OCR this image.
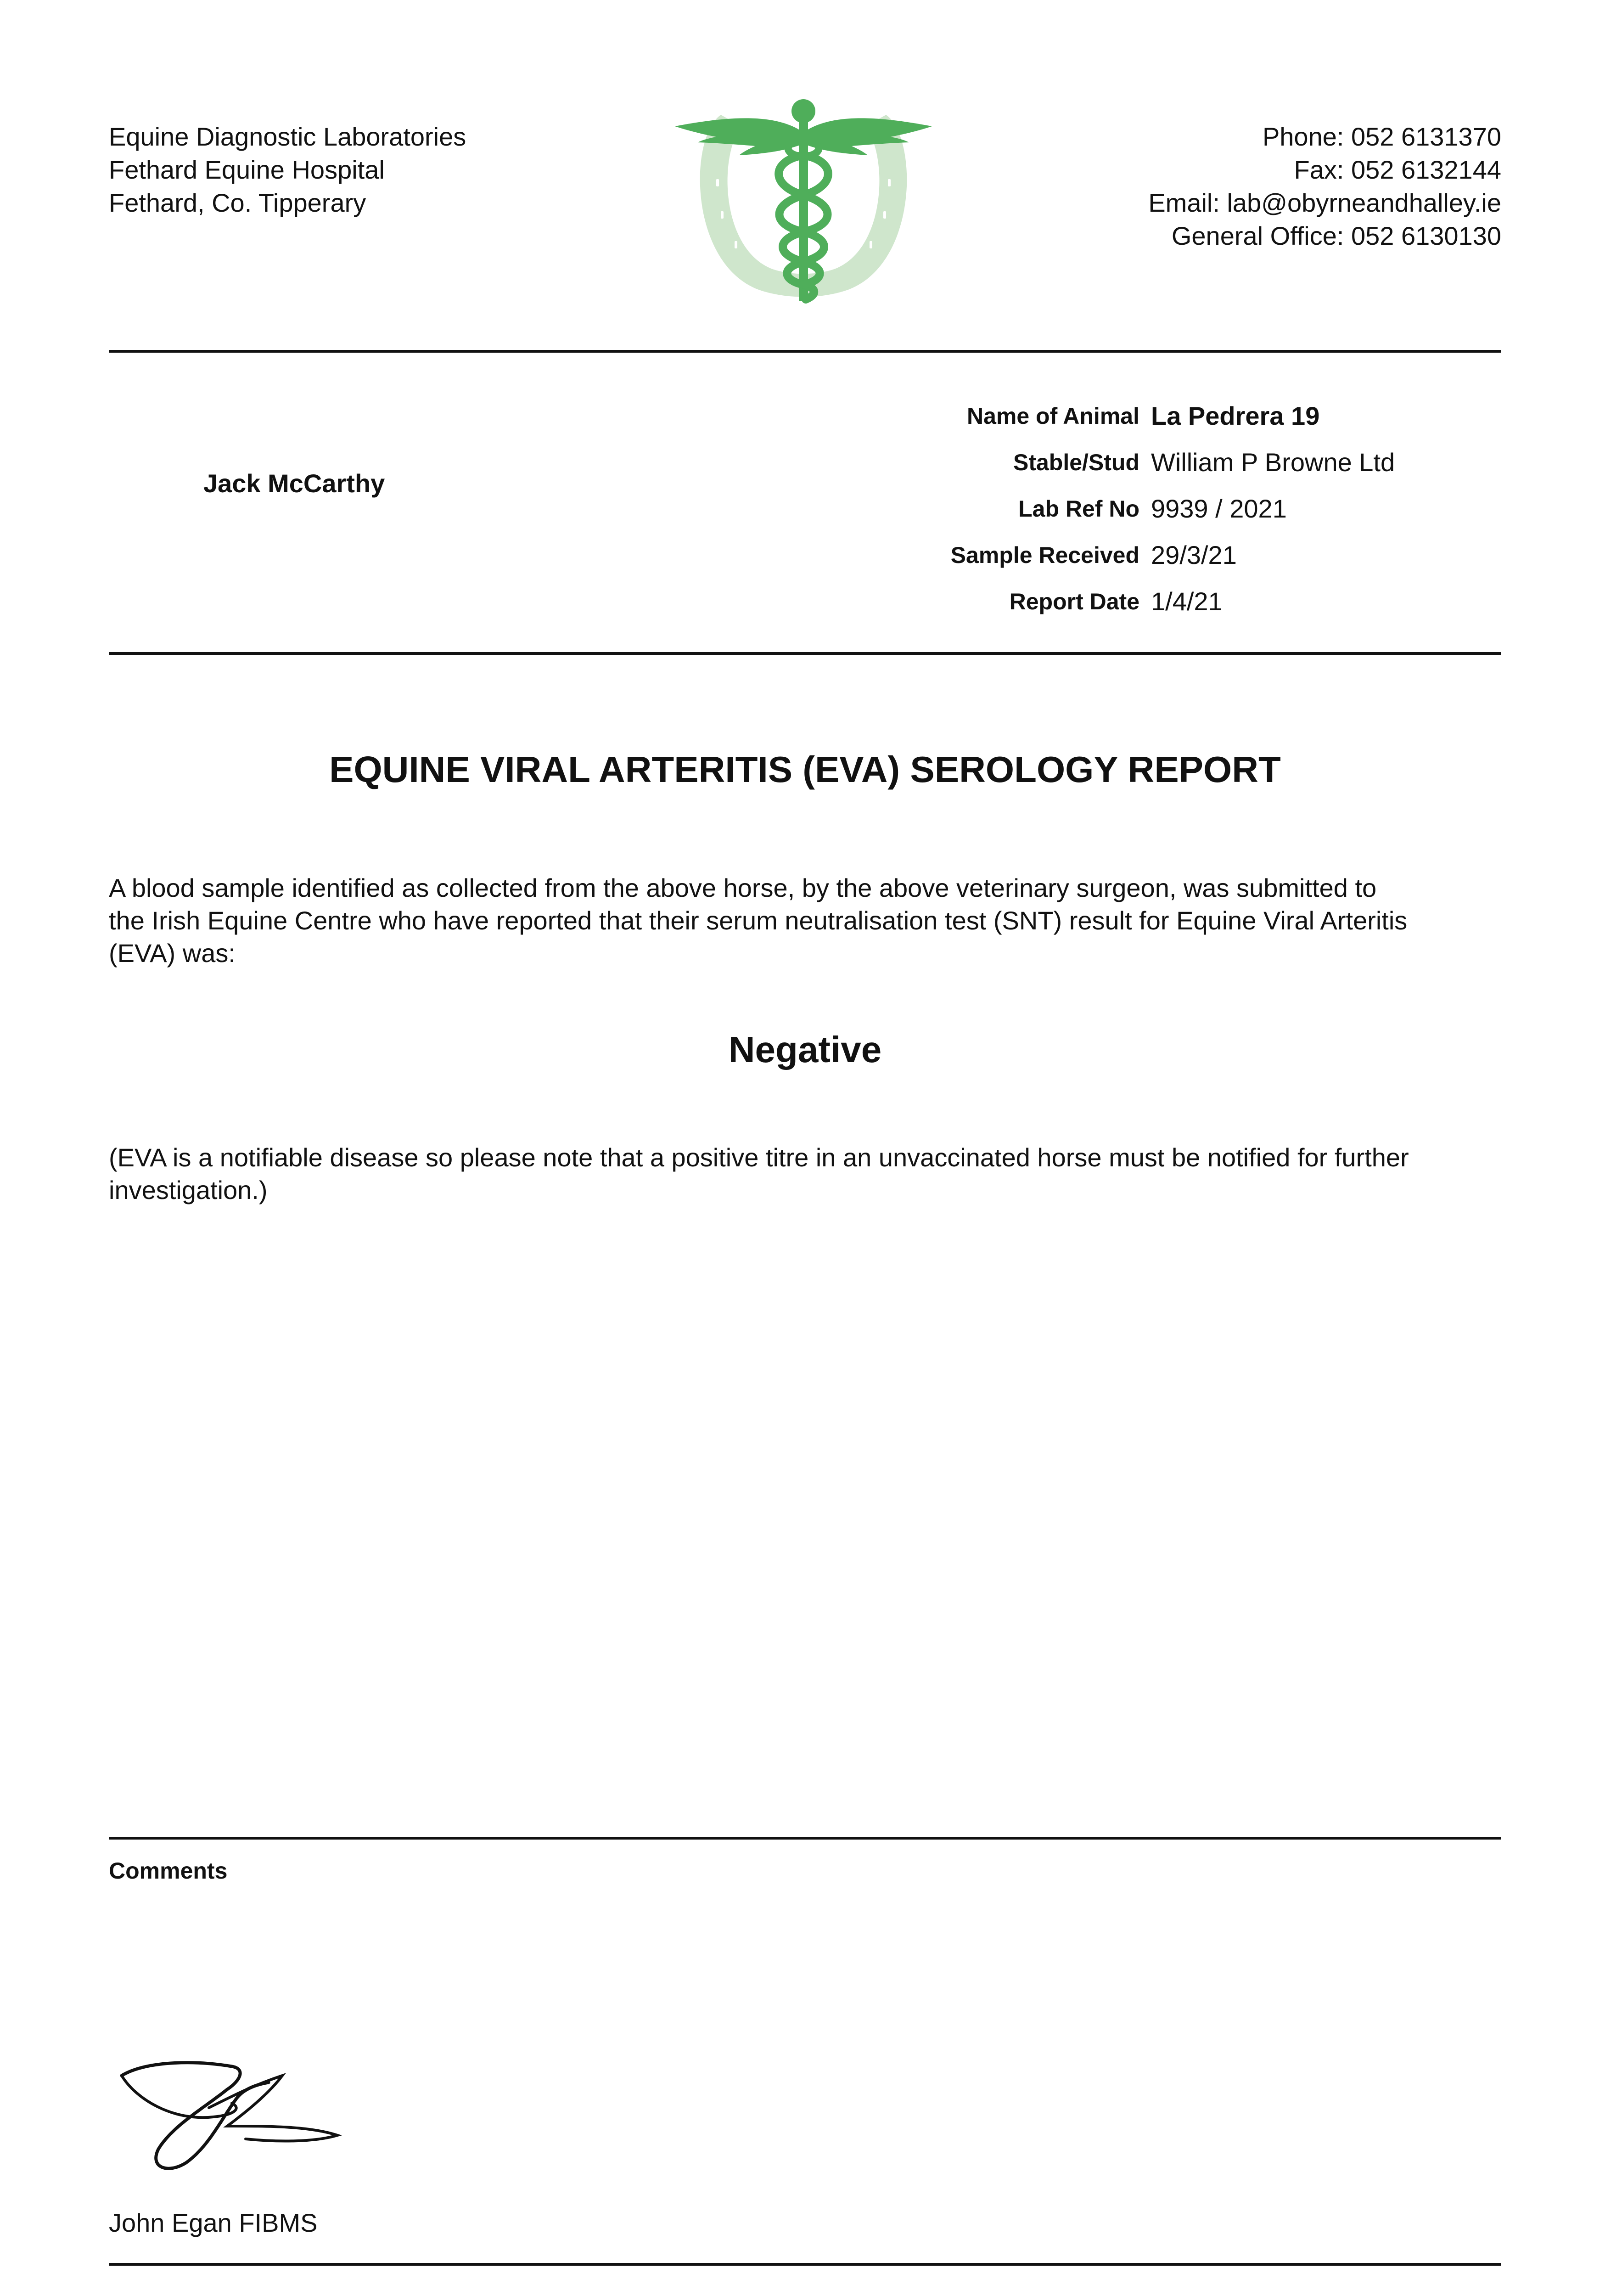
Equine Diagnostic Laboratories
Fethard Equine Hospital
Fethard, Co. Tipperary
Phone: 052 6131370
Fax: 052 6132144
Email: lab@obyrneandhalley.ie
General Office: 052 6130130
Jack McCarthy
Name of Animal La Pedrera 19
Stable/Stud William P Browne Ltd
Lab Ref No 9939 / 2021
Sample Received 29/3/21
Report Date 1/4/21
EQUINE VIRAL ARTERITIS (EVA) SEROLOGY REPORT
A blood sample identified as collected from the above horse, by the above veterinary surgeon, was submitted to
the Irish Equine Centre who have reported that their serum neutralisation test (SNT) result for Equine Viral Arteritis
(EVA) was:
Negative
(EVA is a notifiable disease so please note that a positive titre in an unvaccinated horse must be notified for further
investigation.)
Comments
John Egan FIBMS
